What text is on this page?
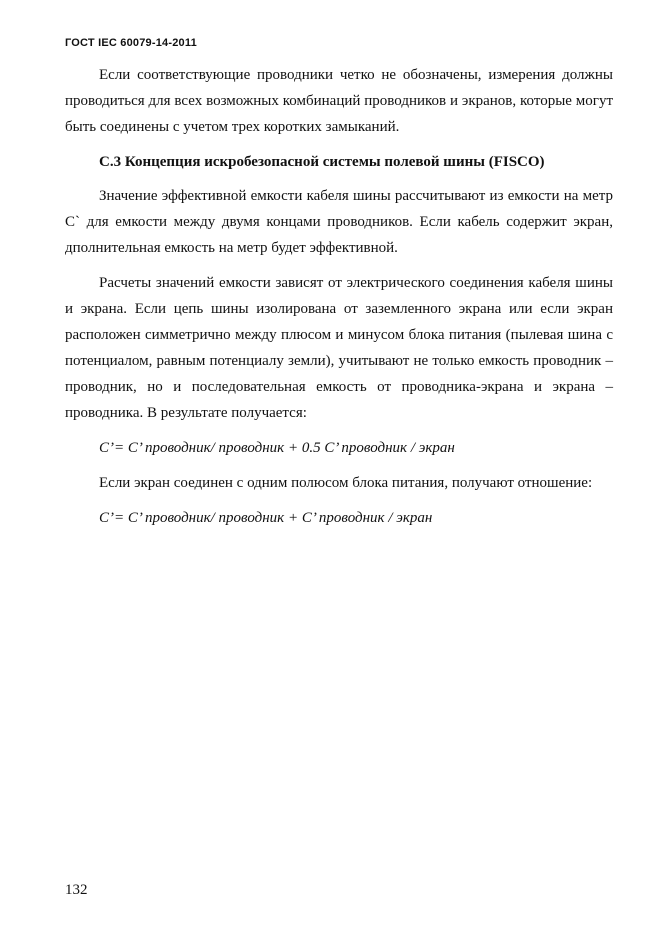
ГОСТ IEC 60079-14-2011

Если соответствующие проводники четко не обозначены, измерения должны проводиться для всех возможных комбинаций проводников и экранов, которые могут быть соединены с учетом трех коротких замыканий.

С.3 Концепция искробезопасной системы полевой шины (FISCO)

Значение эффективной емкости кабеля шины рассчитывают из емкости на метр С` для емкости между двумя концами проводников. Если кабель содержит экран, дполнительная емкость на метр будет эффективной.

Расчеты значений емкости зависят от электрического соединения кабеля шины и экрана. Если цепь шины изолирована от заземленного экрана или если экран расположен симметрично между плюсом и минусом блока питания (пылевая шина с потенциалом, равным потенциалу земли), учитывают не только емкость проводник – проводник, но и последовательная емкость от проводника-экрана и экрана – проводника. В результате получается:

С’= С’ проводник/ проводник + 0.5 С’ проводник / экран

Если экран соединен с одним полюсом блока питания, получают отношение:

С’= С’ проводник/ проводник + С’ проводник / экран

132
